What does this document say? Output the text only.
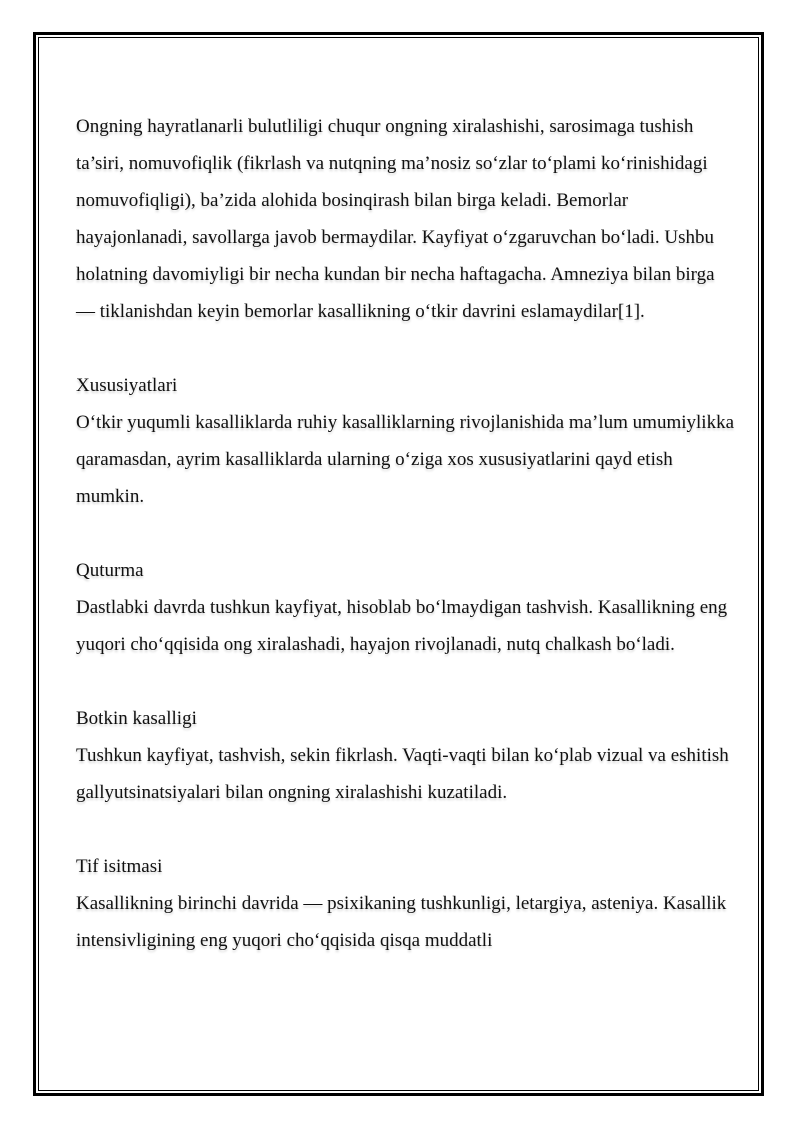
Ongning hayratlanarli bulutliligi chuqur ongning xiralashishi, sarosimaga tushish ta’siri, nomuvofiqlik (fikrlash va nutqning ma’nosiz so‘zlar to‘plami ko‘rinishidagi nomuvofiqligi), ba’zida alohida bosinqirash bilan birga keladi. Bemorlar hayajonlanadi, savollarga javob bermaydilar. Kayfiyat o‘zgaruvchan bo‘ladi. Ushbu holatning davomiyligi bir necha kundan bir necha haftagacha. Amneziya bilan birga — tiklanishdan keyin bemorlar kasallikning o‘tkir davrini eslamaydilar[1].

Xususiyatlari

O‘tkir yuqumli kasalliklarda ruhiy kasalliklarning rivojlanishida ma’lum umumiylikka qaramasdan, ayrim kasalliklarda ularning o‘ziga xos xususiyatlarini qayd etish mumkin.

Quturma

Dastlabki davrda tushkun kayfiyat, hisoblab bo‘lmaydigan tashvish. Kasallikning eng yuqori cho‘qqisida ong xiralashadi, hayajon rivojlanadi, nutq chalkash bo‘ladi.

Botkin kasalligi

Tushkun kayfiyat, tashvish, sekin fikrlash. Vaqti-vaqti bilan ko‘plab vizual va eshitish gallyutsinatsiyalari bilan ongning xiralashishi kuzatiladi.

Tif isitmasi

Kasallikning birinchi davrida — psixikaning tushkunligi, letargiya, asteniya. Kasallik intensivligining eng yuqori cho‘qqisida qisqa muddatli
